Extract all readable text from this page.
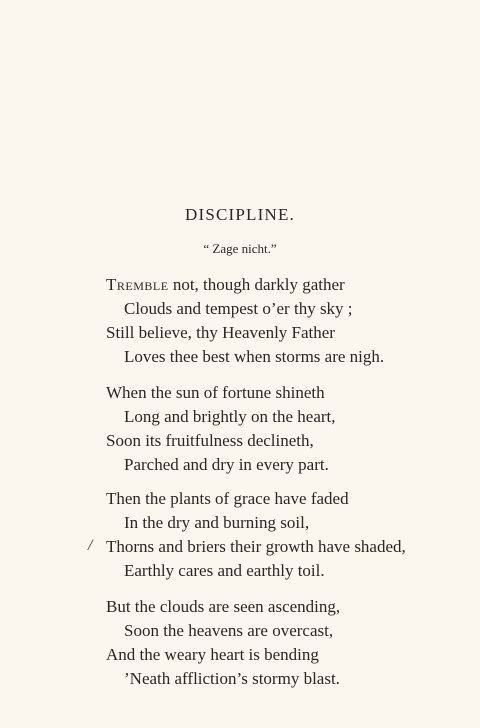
DISCIPLINE.
“ Zage nicht.”
Tremble not, though darkly gather
Clouds and tempest o’er thy sky ;
Still believe, thy Heavenly Father
Loves thee best when storms are nigh.
When the sun of fortune shineth
Long and brightly on the heart,
Soon its fruitfulness declineth,
Parched and dry in every part.
Then the plants of grace have faded
In the dry and burning soil,
/ Thorns and briers their growth have shaded,
Earthly cares and earthly toil.
But the clouds are seen ascending,
Soon the heavens are overcast,
And the weary heart is bending
’Neath affliction’s stormy blast.
